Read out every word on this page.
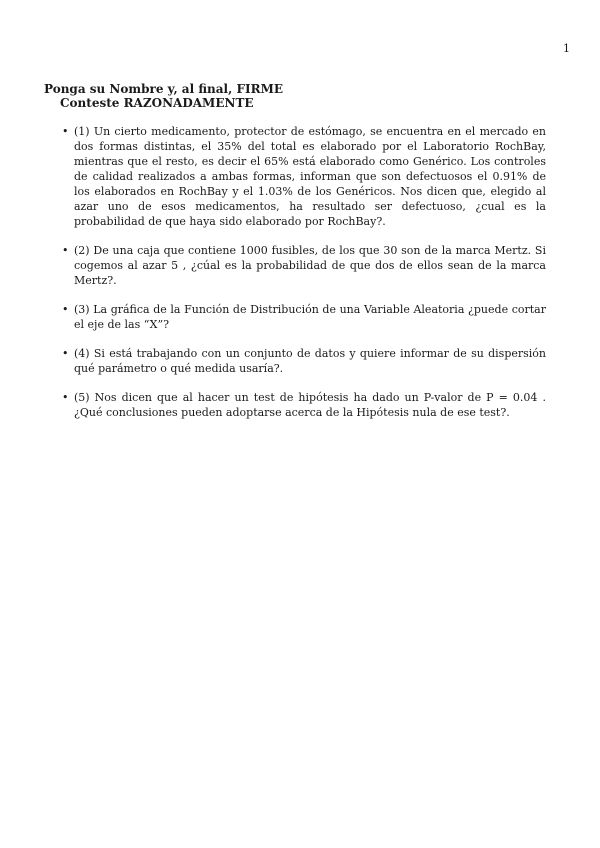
1
Ponga su Nombre y, al final, FIRME
Conteste RAZONADAMENTE
• (1) Un cierto medicamento, protector de estómago, se encuentra en el mercado en dos formas distintas, el 35% del total es elaborado por el Laboratorio RochBay, mientras que el resto, es decir el 65% está elaborado como Genérico. Los controles de calidad realizados a ambas formas, informan que son defectuosos el 0.91% de los elaborados en RochBay y el 1.03% de los Genéricos. Nos dicen que, elegido al azar uno de esos medicamentos, ha resultado ser defectuoso, ¿cual es la probabilidad de que haya sido elaborado por RochBay?.
• (2) De una caja que contiene 1000 fusibles, de los que 30 son de la marca Mertz. Si cogemos al azar 5 , ¿cúal es la probabilidad de que dos de ellos sean de la marca Mertz?.
• (3) La gráfica de la Función de Distribución de una Variable Aleatoria ¿puede cortar el eje de las “X”?
• (4) Si está trabajando con un conjunto de datos y quiere informar de su dispersión qué parámetro o qué medida usaría?.
• (5) Nos dicen que al hacer un test de hipótesis ha dado un P-valor de P = 0.04 . ¿Qué conclusiones pueden adoptarse acerca de la Hipótesis nula de ese test?.
